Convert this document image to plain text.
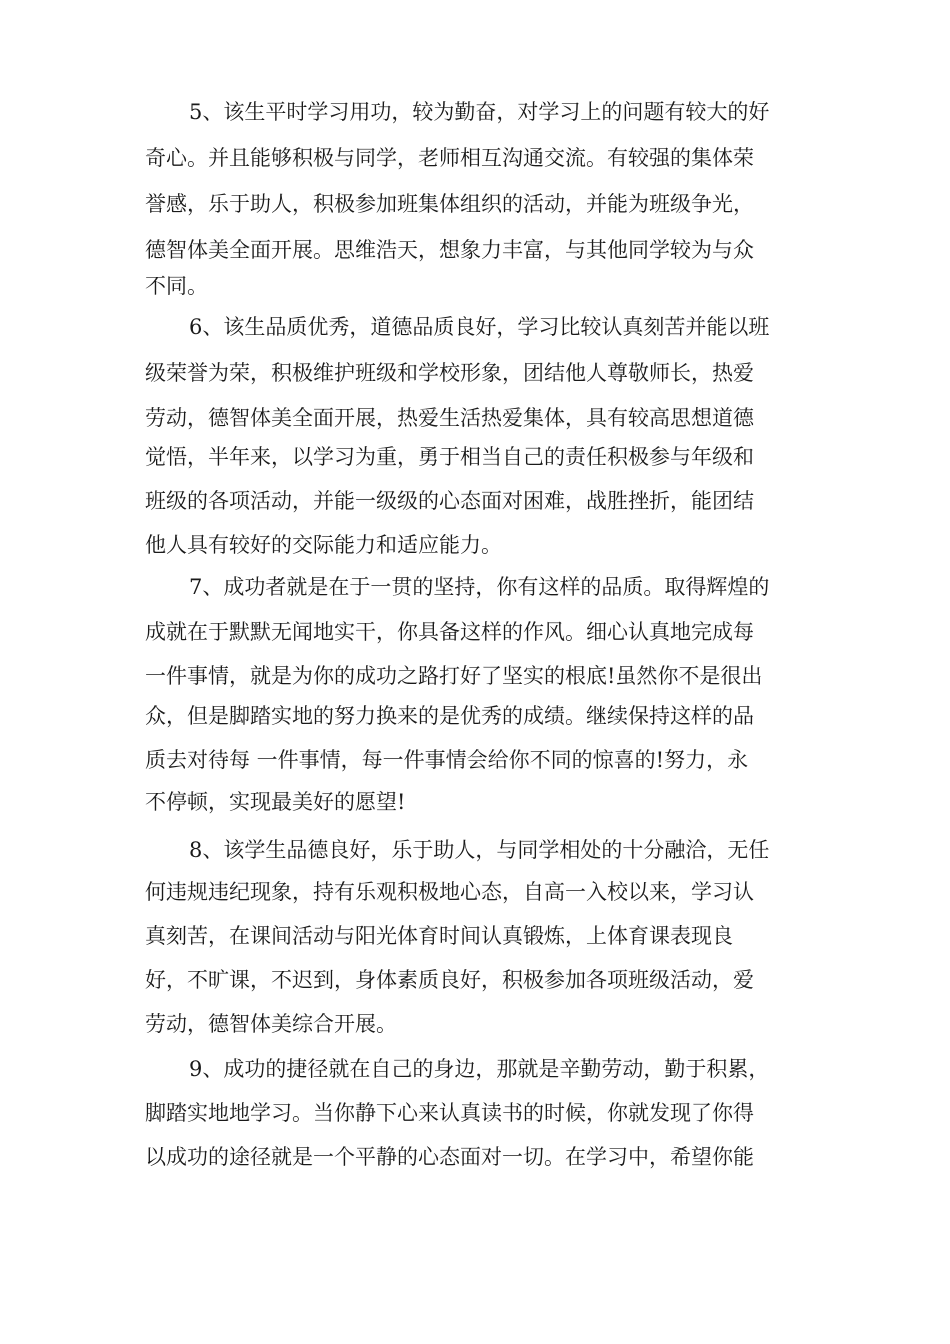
5、该生平时学习用功，较为勤奋，对学习上的问题有较大的好
奇心。并且能够积极与同学，老师相互沟通交流。有较强的集体荣
誉感，乐于助人，积极参加班集体组织的活动，并能为班级争光，
德智体美全面开展。思维浩天，想象力丰富，与其他同学较为与众
不同。
6、该生品质优秀，道德品质良好，学习比较认真刻苦并能以班
级荣誉为荣，积极维护班级和学校形象，团结他人尊敬师长，热爱
劳动，德智体美全面开展，热爱生活热爱集体，具有较高思想道德
觉悟，半年来，以学习为重，勇于相当自己的责任积极参与年级和
班级的各项活动，并能一级级的心态面对困难，战胜挫折，能团结
他人具有较好的交际能力和适应能力。
7、成功者就是在于一贯的坚持，你有这样的品质。取得辉煌的
成就在于默默无闻地实干，你具备这样的作风。细心认真地完成每
一件事情，就是为你的成功之路打好了坚实的根底!虽然你不是很出
众，但是脚踏实地的努力换来的是优秀的成绩。继续保持这样的品
质去对待每 一件事情，每一件事情会给你不同的惊喜的!努力，永
不停顿，实现最美好的愿望!
8、该学生品德良好，乐于助人，与同学相处的十分融洽，无任
何违规违纪现象，持有乐观积极地心态，自高一入校以来，学习认
真刻苦，在课间活动与阳光体育时间认真锻炼，上体育课表现良
好，不旷课，不迟到，身体素质良好，积极参加各项班级活动，爱
劳动，德智体美综合开展。
9、成功的捷径就在自己的身边，那就是辛勤劳动，勤于积累，
脚踏实地地学习。当你静下心来认真读书的时候，你就发现了你得
以成功的途径就是一个平静的心态面对一切。在学习中，希望你能
